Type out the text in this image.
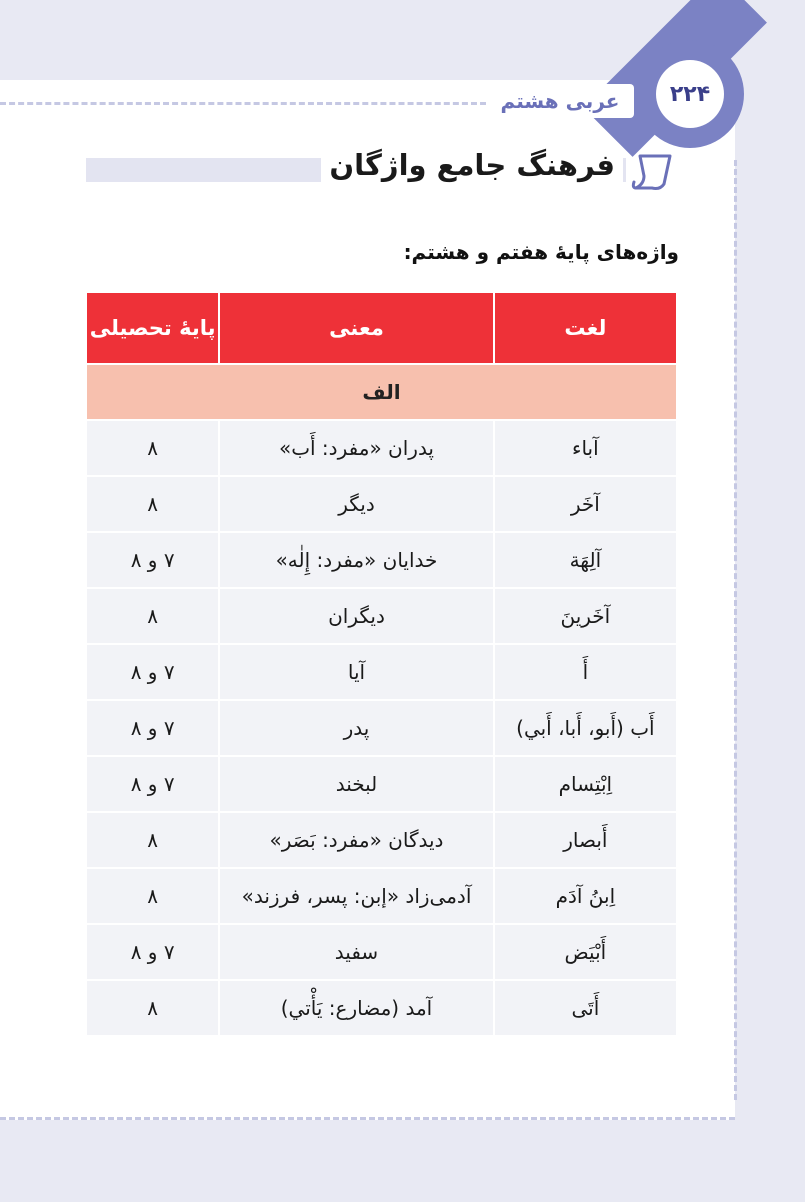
۲۲۴
عربی هشتم
فرهنگ جامع واژگان
واژه‌های پایۀ هفتم و هشتم:
لغت	معنی	پایۀ تحصیلی
الف		
آباء	پدران «مفرد: أَب»	۸
آخَر	دیگر	۸
آلِهَة	خدایان «مفرد: إِلٰه»	۷ و ۸
آخَرينَ	دیگران	۸
أَ	آیا	۷ و ۸
أَب (أَبو، أَبا، أَبي)	پدر	۷ و ۸
اِبْتِسام	لبخند	۷ و ۸
أَبصار	دیدگان «مفرد: بَصَر»	۸
اِبنُ آدَم	آدمی‌زاد «إبن: پسر، فرزند»	۸
أَبْيَض	سفید	۷ و ۸
أَتَى	آمد (مضارع: يَأْتي)	۸
